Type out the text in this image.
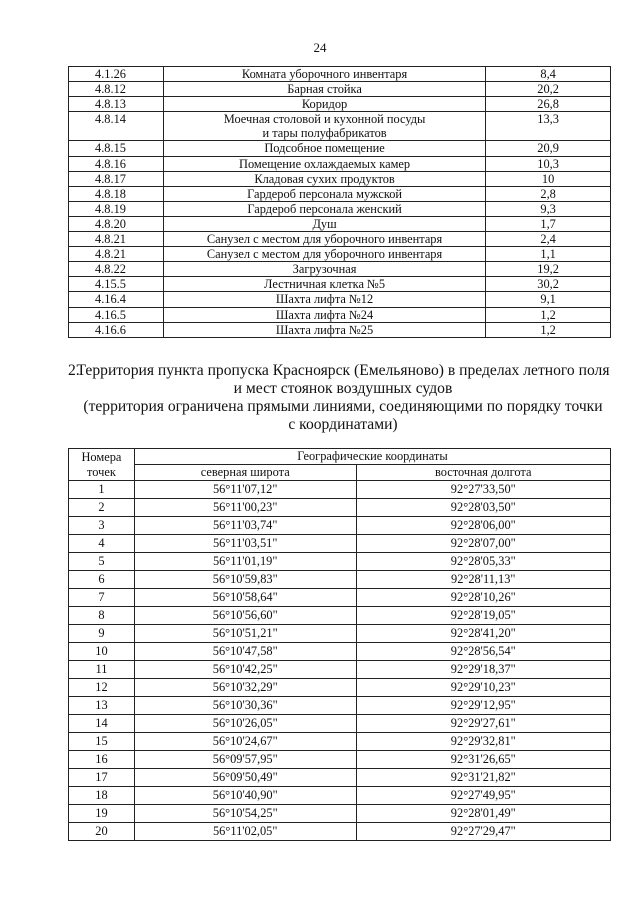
24
4.1.26	Комната уборочного инвентаря	8,4
4.8.12	Барная стойка	20,2
4.8.13	Коридор	26,8
4.8.14	Моечная столовой и кухонной посуды
и тары полуфабрикатов	13,3
4.8.15	Подсобное помещение	20,9
4.8.16	Помещение охлаждаемых камер	10,3
4.8.17	Кладовая сухих продуктов	10
4.8.18	Гардероб персонала мужской	2,8
4.8.19	Гардероб персонала женский	9,3
4.8.20	Душ	1,7
4.8.21	Санузел с местом для уборочного инвентаря	2,4
4.8.21	Санузел с местом для уборочного инвентаря	1,1
4.8.22	Загрузочная	19,2
4.15.5	Лестничная клетка №5	30,2
4.16.4	Шахта лифта №12	9,1
4.16.5	Шахта лифта №24	1,2
4.16.6	Шахта лифта №25	1,2
2.
Территория пункта пропуска Красноярск (Емельяново) в пределах летного поля
и мест стоянок воздушных судов
(территория ограничена прямыми линиями, соединяющими по порядку точки
с координатами)
Номера
точек	Географические координаты	
	северная широта	восточная долгота
1	56°11'07,12"	92°27'33,50"
2	56°11'00,23"	92°28'03,50"
3	56°11'03,74"	92°28'06,00"
4	56°11'03,51"	92°28'07,00"
5	56°11'01,19"	92°28'05,33"
6	56°10'59,83"	92°28'11,13"
7	56°10'58,64"	92°28'10,26"
8	56°10'56,60"	92°28'19,05"
9	56°10'51,21"	92°28'41,20"
10	56°10'47,58"	92°28'56,54"
11	56°10'42,25"	92°29'18,37"
12	56°10'32,29"	92°29'10,23"
13	56°10'30,36"	92°29'12,95"
14	56°10'26,05"	92°29'27,61"
15	56°10'24,67"	92°29'32,81"
16	56°09'57,95"	92°31'26,65"
17	56°09'50,49"	92°31'21,82"
18	56°10'40,90"	92°27'49,95"
19	56°10'54,25"	92°28'01,49"
20	56°11'02,05"	92°27'29,47"
